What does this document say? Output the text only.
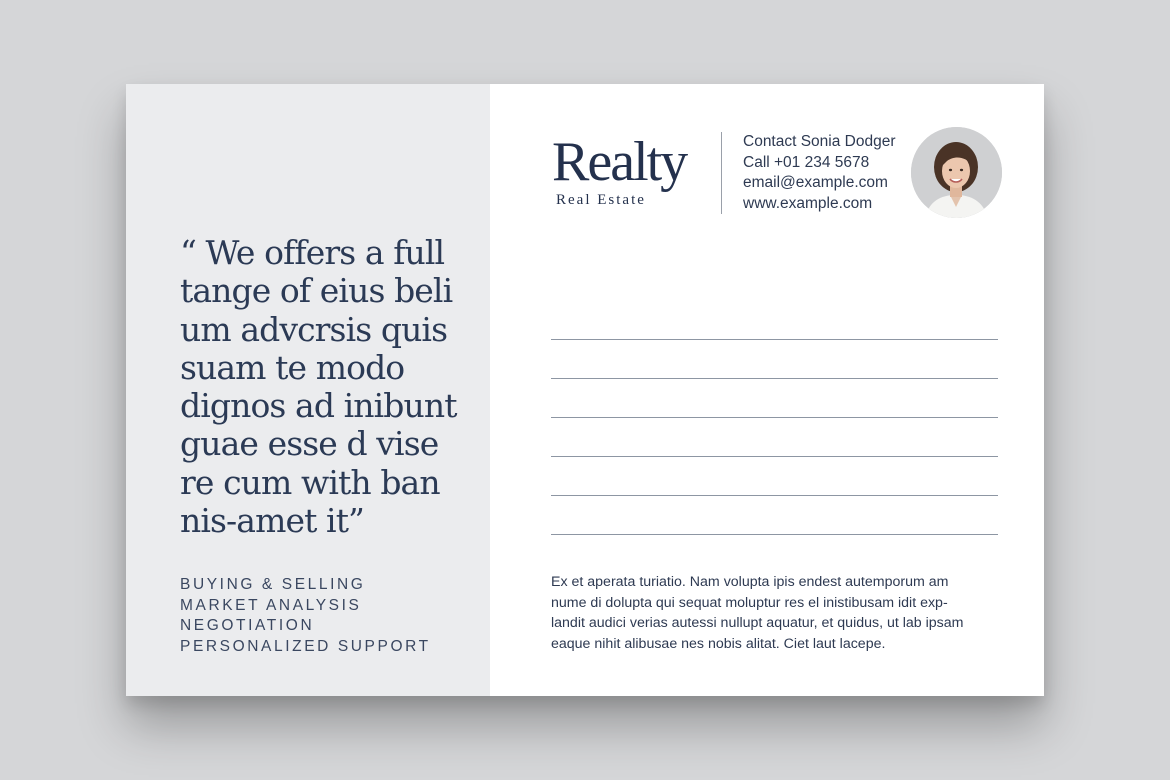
“ We offers a full
tange of eius beli
um advcrsis quis
suam te modo
dignos ad inibunt
guae esse d vise
re cum with ban
nis-amet it”
BUYING & SELLING
MARKET ANALYSIS
NEGOTIATION
PERSONALIZED SUPPORT
Realty
Real Estate
Contact Sonia Dodger
Call +01 234 5678
email@example.com
www.example.com
Ex et aperata turiatio. Nam volupta ipis endest autemporum am
nume di dolupta qui sequat moluptur res el inistibusam idit exp-
landit audici verias autessi nullupt aquatur, et quidus, ut lab ipsam
eaque nihit alibusae nes nobis alitat. Ciet laut lacepe.
